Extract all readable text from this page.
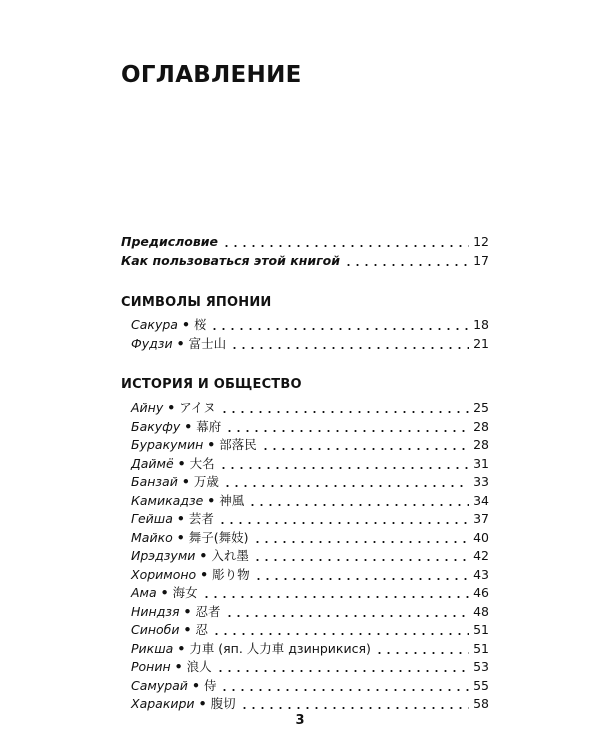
ОГЛАВЛЕНИЕ
Предисловие	12
Как пользоваться этой книгой	17
СИМВОЛЫ ЯПОНИИ
Сакура • 桜	18
Фудзи • 富士山	21
ИСТОРИЯ И ОБЩЕСТВО
Айну • アイヌ	25
Бакуфу • 幕府	28
Буракумин • 部落民	28
Даймё • 大名	31
Банзай • 万歳	33
Камикадзе • 神風	34
Гейша • 芸者	37
Майко • 舞子(舞妓)	40
Ирэдзуми • 入れ墨	42
Хоримоно • 彫り物	43
Ама • 海女	46
Ниндзя • 忍者	48
Синоби • 忍	51
Рикша • 力車 (яп. 人力車 дзинрикися)	51
Ронин • 浪人	53
Самурай • 侍	55
Харакири • 腹切	58
3
